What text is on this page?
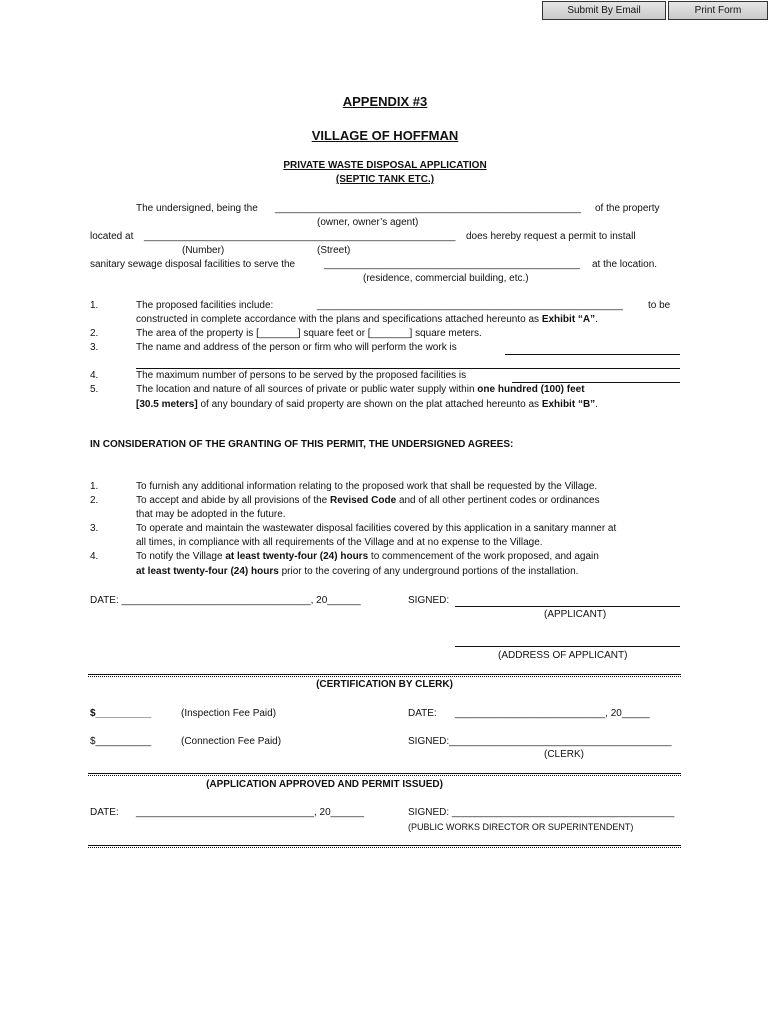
Submit By Email	Print Form
APPENDIX #3
VILLAGE OF HOFFMAN
PRIVATE WASTE DISPOSAL APPLICATION
(SEPTIC TANK ETC.)
The undersigned, being the _______________________________________________________ of the property
(owner, owner’s agent)
located at ________________________________________________________ does hereby request a permit to install
(Number)	(Street)
sanitary sewage disposal facilities to serve the	______________________________________________ at the location.
(residence, commercial building, etc.)
1.	The proposed facilities include:	_______________________________________________________	to be
constructed in complete accordance with the plans and specifications attached hereunto as Exhibit “A”.
2.	The area of the property is [_______] square feet or [_______] square meters.
3.	The name and address of the person or firm who will perform the work is
4.	The maximum number of persons to be served by the proposed facilities is
5.	The location and nature of all sources of private or public water supply within one hundred (100) feet
[30.5 meters] of any boundary of said property are shown on the plat attached hereunto as Exhibit “B”.
IN CONSIDERATION OF THE GRANTING OF THIS PERMIT, THE UNDERSIGNED AGREES:
1.	To furnish any additional information relating to the proposed work that shall be requested by the Village.
2.	To accept and abide by all provisions of the Revised Code and of all other pertinent codes or ordinances
that may be adopted in the future.
3.	To operate and maintain the wastewater disposal facilities covered by this application in a sanitary manner at
all times, in compliance with all requirements of the Village and at no expense to the Village.
4.	To notify the Village at least twenty-four (24) hours to commencement of the work proposed, and again
at least twenty-four (24) hours prior to the covering of any underground portions of the installation.
DATE: __________________________________, 20______	SIGNED:
(APPLICANT)
(ADDRESS OF APPLICANT)
(CERTIFICATION BY CLERK)
$__________	(Inspection Fee Paid)	DATE: ___________________________, 20_____
$__________	(Connection Fee Paid)	SIGNED:________________________________________
(CLERK)
(APPLICATION APPROVED AND PERMIT ISSUED)
DATE: ________________________________, 20______	SIGNED: ________________________________________
(PUBLIC WORKS DIRECTOR OR SUPERINTENDENT)
